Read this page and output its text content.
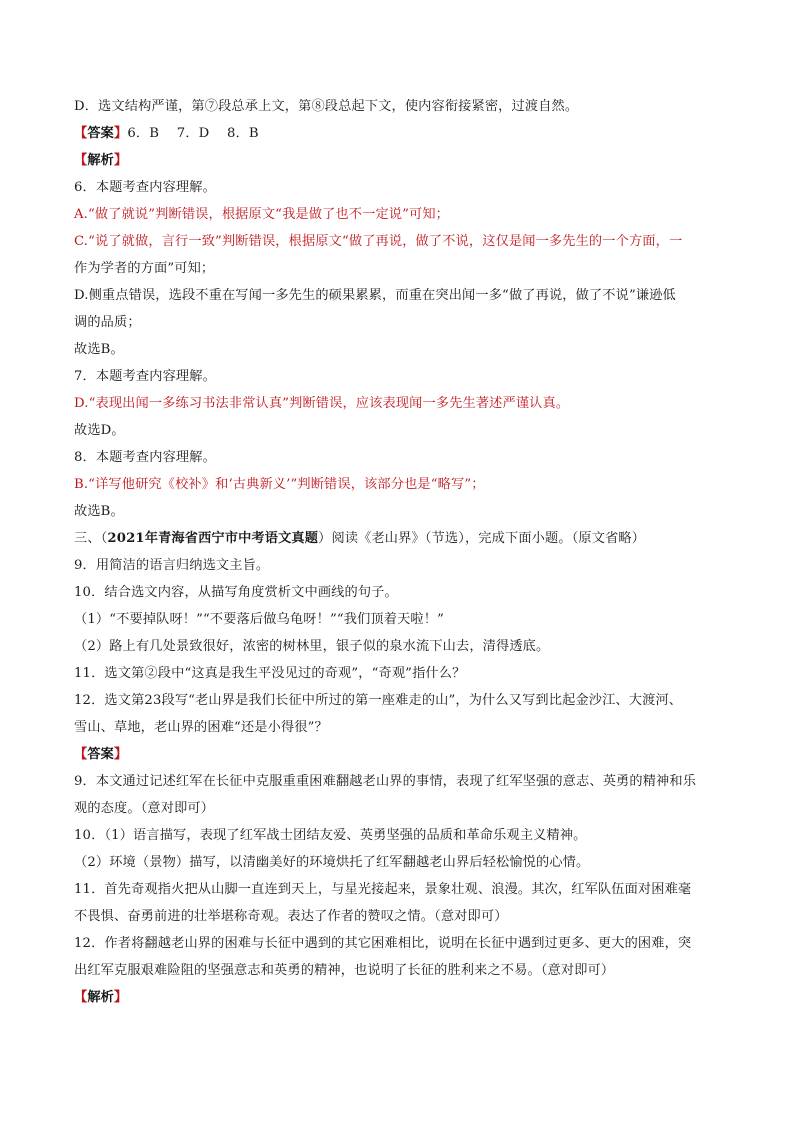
D．选文结构严谨，第⑦段总承上文，第⑧段总起下文，使内容衔接紧密，过渡自然。
【答案】6．B　 7．D　 8．B
【解析】
6．本题考查内容理解。
A.“做了就说”判断错误，根据原文“我是做了也不一定说”可知；
C.“说了就做，言行一致”判断错误，根据原文“做了再说，做了不说，这仅是闻一多先生的一个方面，一
作为学者的方面”可知；
D.侧重点错误，选段不重在写闻一多先生的硕果累累，而重在突出闻一多“做了再说，做了不说”谦逊低
调的品质；
故选B。
7．本题考查内容理解。
D.“表现出闻一多练习书法非常认真”判断错误，应该表现闻一多先生著述严谨认真。
故选D。
8．本题考查内容理解。
B.“详写他研究《校补》和‘古典新义’”判断错误，该部分也是“略写”；
故选B。
三、（2021年青海省西宁市中考语文真题）阅读《老山界》（节选），完成下面小题。（原文省略）
9．用简洁的语言归纳选文主旨。
10．结合选文内容，从描写角度赏析文中画线的句子。
（1）“不要掉队呀！”“不要落后做乌龟呀！”“我们顶着天啦！”
（2）路上有几处景致很好，浓密的树林里，银子似的泉水流下山去，清得透底。
11．选文第②段中“这真是我生平没见过的奇观”，“奇观”指什么？
12．选文第23段写“老山界是我们长征中所过的第一座难走的山”，为什么又写到比起金沙江、大渡河、
雪山、草地，老山界的困难“还是小得很”？
【答案】
9．本文通过记述红军在长征中克服重重困难翻越老山界的事情，表现了红军坚强的意志、英勇的精神和乐
观的态度。（意对即可）
10．（1）语言描写，表现了红军战士团结友爱、英勇坚强的品质和革命乐观主义精神。
（2）环境（景物）描写，以清幽美好的环境烘托了红军翻越老山界后轻松愉悦的心情。
11．首先奇观指火把从山脚一直连到天上，与星光接起来，景象壮观、浪漫。其次，红军队伍面对困难毫
不畏惧、奋勇前进的壮举堪称奇观。表达了作者的赞叹之情。（意对即可）
12．作者将翻越老山界的困难与长征中遇到的其它困难相比，说明在长征中遇到过更多、更大的困难，突
出红军克服艰难险阻的坚强意志和英勇的精神，也说明了长征的胜利来之不易。（意对即可）
【解析】
